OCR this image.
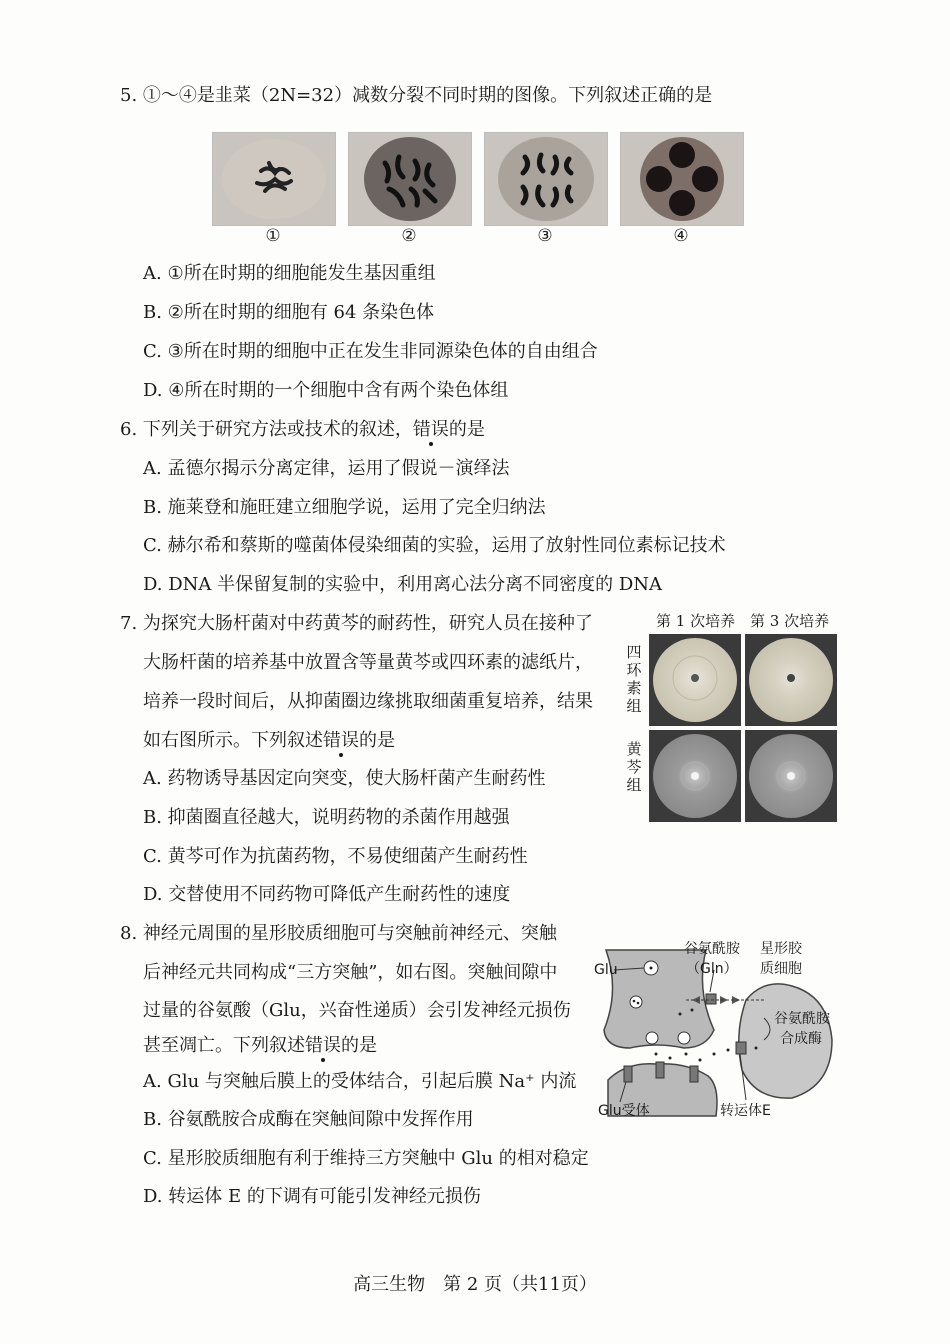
5. ①～④是韭菜（2N=32）减数分裂不同时期的图像。下列叙述正确的是
①	②	③	④
A. ①所在时期的细胞能发生基因重组
B. ②所在时期的细胞有 64 条染色体
C. ③所在时期的细胞中正在发生非同源染色体的自由组合
D. ④所在时期的一个细胞中含有两个染色体组
6. 下列关于研究方法或技术的叙述，错误的是
A. 孟德尔揭示分离定律，运用了假说－演绎法
B. 施莱登和施旺建立细胞学说，运用了完全归纳法
C. 赫尔希和蔡斯的噬菌体侵染细菌的实验，运用了放射性同位素标记技术
D. DNA 半保留复制的实验中，利用离心法分离不同密度的 DNA
7. 为探究大肠杆菌对中药黄芩的耐药性，研究人员在接种了
大肠杆菌的培养基中放置含等量黄芩或四环素的滤纸片，
培养一段时间后，从抑菌圈边缘挑取细菌重复培养，结果
如右图所示。下列叙述错误的是
A. 药物诱导基因定向突变，使大肠杆菌产生耐药性
B. 抑菌圈直径越大，说明药物的杀菌作用越强
C. 黄芩可作为抗菌药物，不易使细菌产生耐药性
D. 交替使用不同药物可降低产生耐药性的速度
第 1 次培养 第 3 次培养
四环素组
黄芩组
8. 神经元周围的星形胶质细胞可与突触前神经元、突触
后神经元共同构成“三方突触”，如右图。突触间隙中
过量的谷氨酸（Glu，兴奋性递质）会引发神经元损伤
甚至凋亡。下列叙述错误的是
A. Glu 与突触后膜上的受体结合，引起后膜 Na⁺ 内流
B. 谷氨酰胺合成酶在突触间隙中发挥作用
C. 星形胶质细胞有利于维持三方突触中 Glu 的相对稳定
D. 转运体 E 的下调有可能引发神经元损伤
Glu
谷氨酰胺
（Gln）
星形胶
质细胞
谷氨酰胺
合成酶
Glu受体	转运体E
高三生物　第 2 页（共11页）
